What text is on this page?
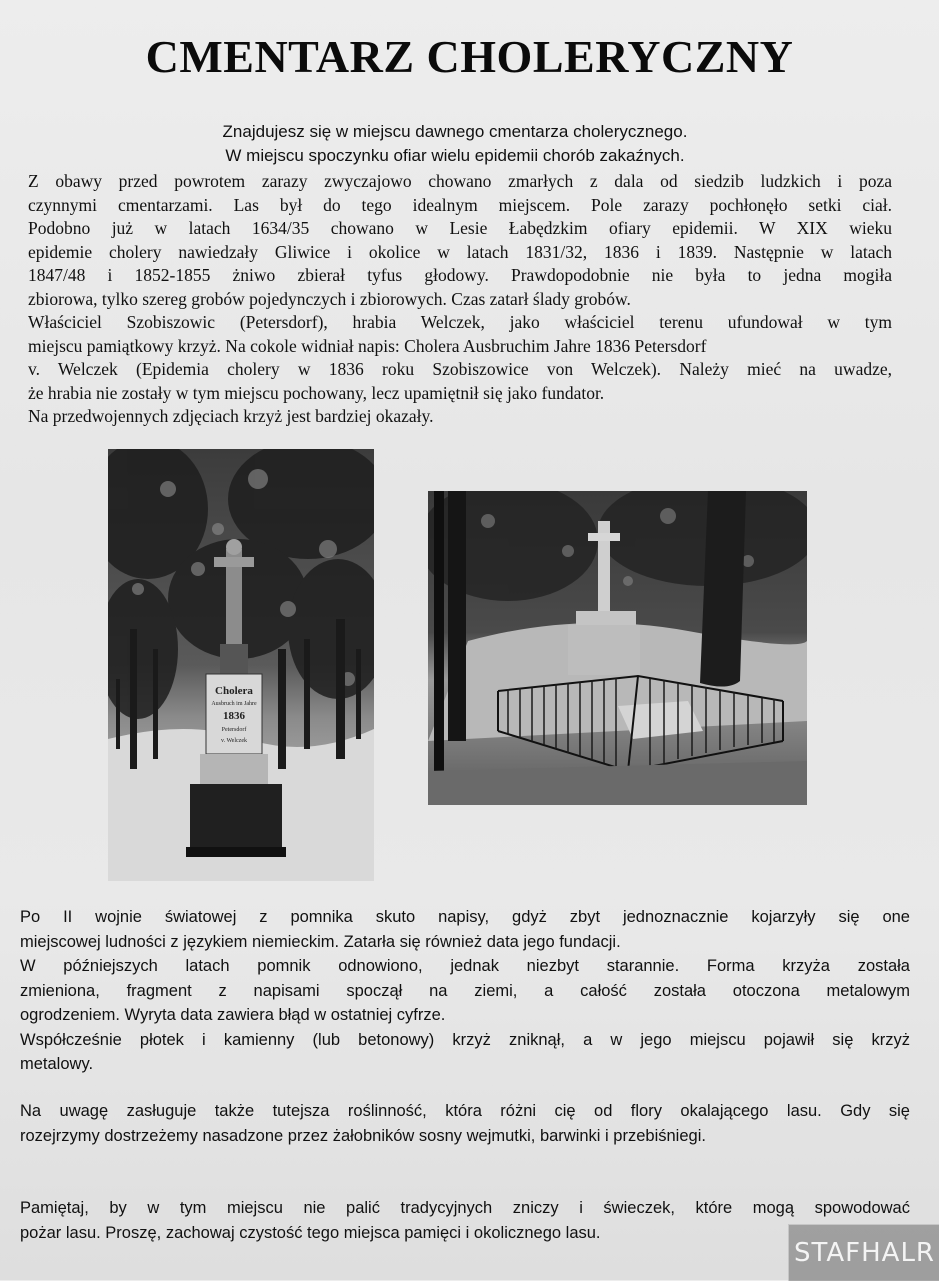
CMENTARZ CHOLERYCZNY
Znajdujesz się w miejscu dawnego cmentarza cholerycznego.
W miejscu spoczynku ofiar wielu epidemii chorób zakaźnych.
Z obawy przed powrotem zarazy zwyczajowo chowano zmarłych z dala od siedzib ludzkich i poza
czynnymi cmentarzami. Las był do tego idealnym miejscem. Pole zarazy pochłonęło setki ciał.
Podobno już w latach 1634/35 chowano w Lesie Łabędzkim ofiary epidemii. W XIX wieku
epidemie cholery nawiedzały Gliwice i okolice w latach 1831/32, 1836 i 1839. Następnie w latach
1847/48 i 1852-1855 żniwo zbierał tyfus głodowy. Prawdopodobnie nie była to jedna mogiła
zbiorowa, tylko szereg grobów pojedynczych i zbiorowych. Czas zatarł ślady grobów.
Właściciel Szobiszowic (Petersdorf), hrabia Welczek, jako właściciel terenu ufundował w tym
miejscu pamiątkowy krzyż. Na cokole widniał napis: Cholera Ausbruchim Jahre 1836 Petersdorf
v. Welczek (Epidemia cholery w 1836 roku Szobiszowice von Welczek). Należy mieć na uwadze,
że hrabia nie zostały w tym miejscu pochowany, lecz upamiętnił się jako fundator.
Na przedwojennych zdjęciach krzyż jest bardziej okazały.
Cholera
Ausbruch im Jahre
1836
Petersdorf
v. Welczek
Po II wojnie światowej z pomnika skuto napisy, gdyż zbyt jednoznacznie kojarzyły się one
miejscowej ludności z językiem niemieckim. Zatarła się również data jego fundacji.
W późniejszych latach pomnik odnowiono, jednak niezbyt starannie. Forma krzyża została
zmieniona, fragment z napisami spoczął na ziemi, a całość została otoczona metalowym
ogrodzeniem. Wyryta data zawiera błąd w ostatniej cyfrze.
Współcześnie płotek i kamienny (lub betonowy) krzyż zniknął, a w jego miejscu pojawił się krzyż
metalowy.
Na uwagę zasługuje także tutejsza roślinność, która różni cię od flory okalającego lasu. Gdy się
rozejrzymy dostrzeżemy nasadzone przez żałobników sosny wejmutki, barwinki i przebiśniegi.
Pamiętaj, by w tym miejscu nie palić tradycyjnych zniczy i świeczek, które mogą spowodować
pożar lasu. Proszę, zachowaj czystość tego miejsca pamięci i okolicznego lasu.
STAFHALR
